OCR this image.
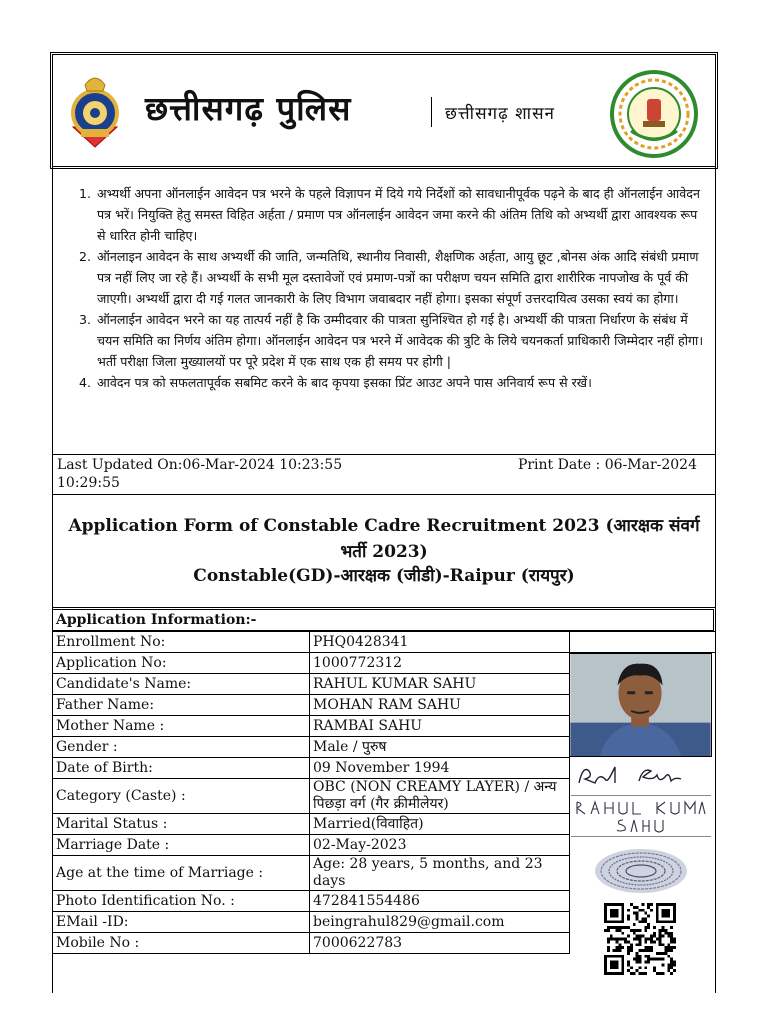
छत्तीसगढ़ पुलिस	छत्तीसगढ़ शासन
1. अभ्यर्थी अपना ऑनलाईन आवेदन पत्र भरने के पहले विज्ञापन में दिये गये निर्देशों को सावधानीपूर्वक पढ़ने के बाद ही ऑनलाईन आवेदन पत्र भरें। नियुक्ति हेतु समस्त विहित अर्हता / प्रमाण पत्र ऑनलाईन आवेदन जमा करने की अंतिम तिथि को अभ्यर्थी द्वारा आवश्यक रूप से धारित होनी चाहिए।
2. ऑनलाइन आवेदन के साथ अभ्यर्थी की जाति, जन्मतिथि, स्थानीय निवासी, शैक्षणिक अर्हता, आयु छूट ,बोनस अंक आदि संबंधी प्रमाण पत्र नहीं लिए जा रहे हैं। अभ्यर्थी के सभी मूल दस्तावेजों एवं प्रमाण-पत्रों का परीक्षण चयन समिति द्वारा शारीरिक नापजोख के पूर्व की जाएगी। अभ्यर्थी द्वारा दी गई गलत जानकारी के लिए विभाग जवाबदार नहीं होगा। इसका संपूर्ण उत्तरदायित्व उसका स्वयं का होगा।
3. ऑनलाईन आवेदन भरने का यह तात्पर्य नहीं है कि उम्मीदवार की पात्रता सुनिश्चित हो गई है। अभ्यर्थी की पात्रता निर्धारण के संबंध में चयन समिति का निर्णय अंतिम होगा। ऑनलाईन आवेदन पत्र भरने में आवेदक की त्रुटि के लिये चयनकर्ता प्राधिकारी जिम्मेदार नहीं होगा।भर्ती परीक्षा जिला मुख्यालयों पर पूरे प्रदेश में एक साथ एक ही समय पर होगी |
4. आवेदन पत्र को सफलतापूर्वक सबमिट करने के बाद कृपया इसका प्रिंट आउट अपने पास अनिवार्य रूप से रखें।
Last Updated On:06-Mar-2024 10:23:55
10:29:55
Print Date : 06-Mar-2024
Application Form of Constable Cadre Recruitment 2023 (आरक्षक संवर्ग भर्ती 2023)
Constable(GD)-आरक्षक (जीडी)-Raipur (रायपुर)
Application Information:-
Enrollment No:	PHQ0428341	
Application No:	1000772312	
Candidate's Name:	RAHUL KUMAR SAHU	
Father Name:	MOHAN RAM SAHU	
Mother Name :	RAMBAI SAHU	
Gender :	Male / पुरुष	
Date of Birth:	09 November 1994	
Category (Caste) :	OBC (NON CREAMY LAYER) / अन्य पिछड़ा वर्ग (गैर क्रीमीलेयर)	
Marital Status :	Married(विवाहित)	
Marriage Date :	02-May-2023	
Age at the time of Marriage :	Age: 28 years, 5 months, and 23 days	
Photo Identification No. :	472841554486	
EMail -ID:	beingrahul829@gmail.com	
Mobile No :	7000622783	
